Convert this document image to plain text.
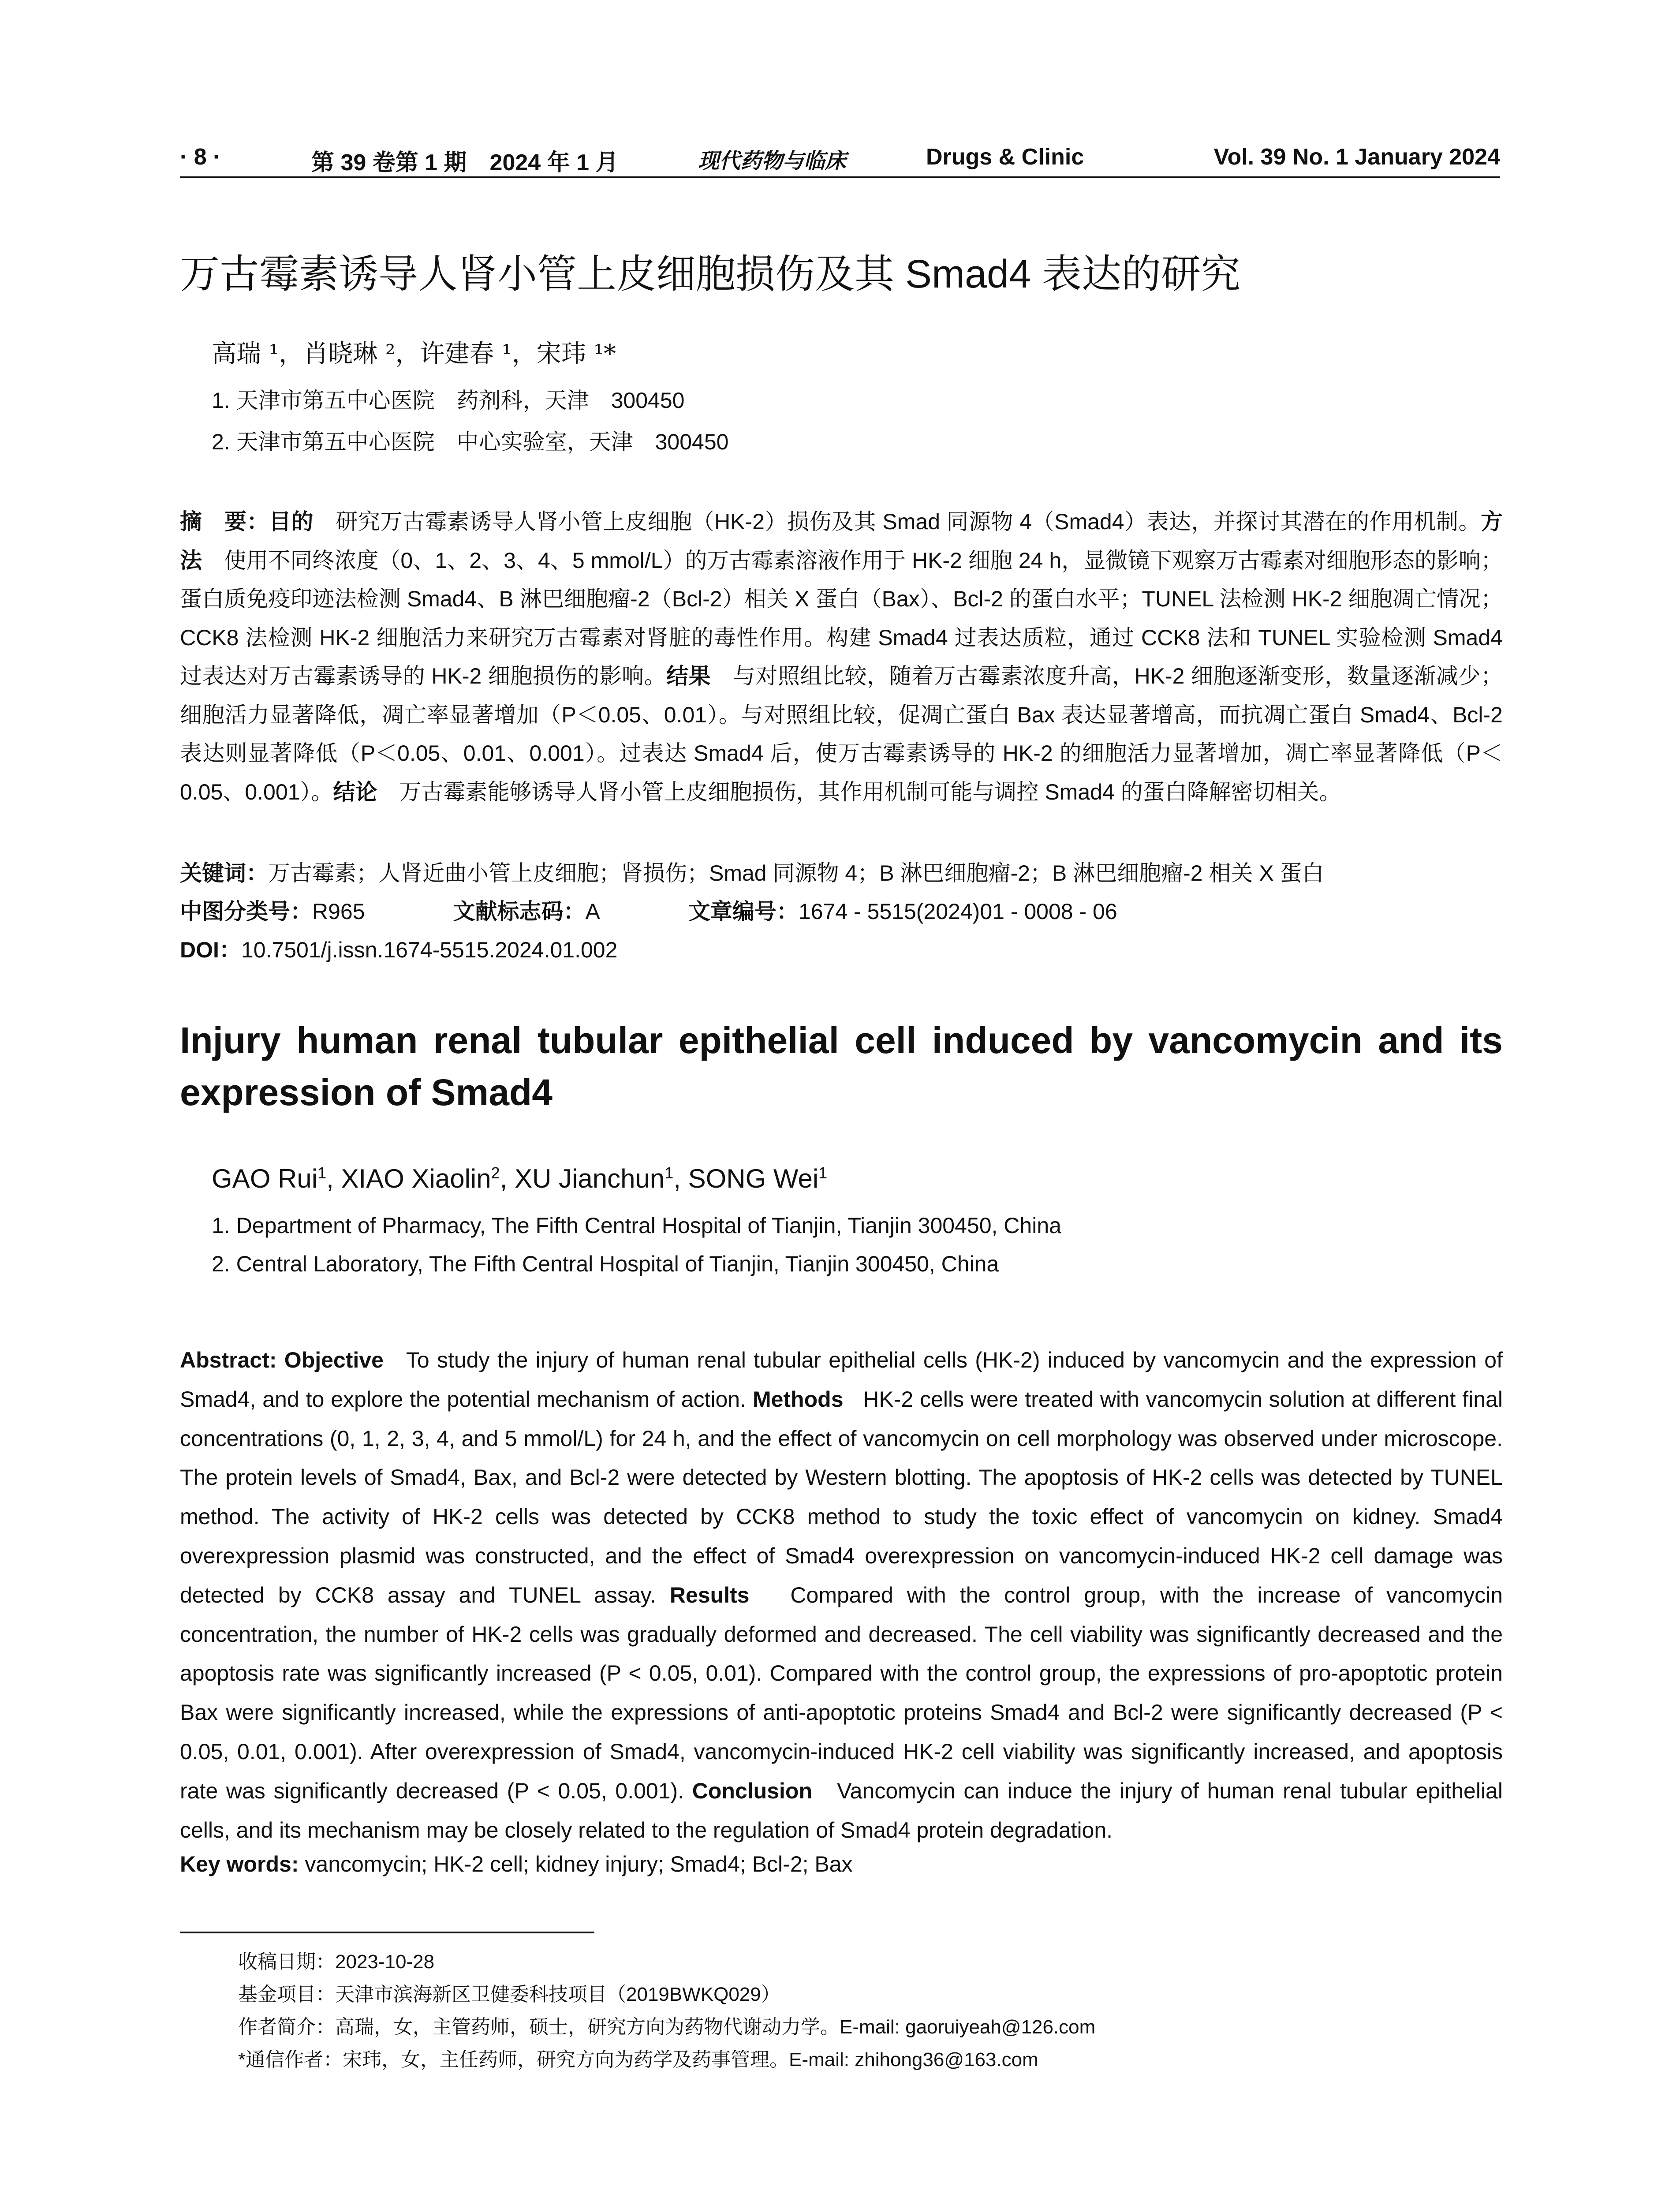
· 8 ·	第 39 卷第 1 期　2024 年 1 月	现代药物与临床	Drugs & Clinic	Vol. 39 No. 1 January 2024
万古霉素诱导人肾小管上皮细胞损伤及其 Smad4 表达的研究
高瑞 ¹，肖晓琳 ²，许建春 ¹，宋玮 ¹*
1. 天津市第五中心医院　药剂科，天津　300450
2. 天津市第五中心医院　中心实验室，天津　300450
摘　要：目的　 研究万古霉素诱导人肾小管上皮细胞（HK-2）损伤及其 Smad 同源物 4（Smad4）表达，并探讨其潜在的作用机制。方法　 使用不同终浓度（0、1、2、3、4、5 mmol/L）的万古霉素溶液作用于 HK-2 细胞 24 h，显微镜下观察万古霉素对细胞形态的影响；蛋白质免疫印迹法检测 Smad4、B 淋巴细胞瘤-2（Bcl-2）相关 X 蛋白（Bax）、Bcl-2 的蛋白水平；TUNEL 法检测 HK-2 细胞凋亡情况；CCK8 法检测 HK-2 细胞活力来研究万古霉素对肾脏的毒性作用。构建 Smad4 过表达质粒，通过 CCK8 法和 TUNEL 实验检测 Smad4 过表达对万古霉素诱导的 HK-2 细胞损伤的影响。结果　 与对照组比较，随着万古霉素浓度升高，HK-2 细胞逐渐变形，数量逐渐减少；细胞活力显著降低，凋亡率显著增加（P＜0.05、0.01）。与对照组比较，促凋亡蛋白 Bax 表达显著增高，而抗凋亡蛋白 Smad4、Bcl-2 表达则显著降低（P＜0.05、0.01、0.001）。过表达 Smad4 后，使万古霉素诱导的 HK-2 的细胞活力显著增加，凋亡率显著降低（P＜0.05、0.001）。结论　 万古霉素能够诱导人肾小管上皮细胞损伤，其作用机制可能与调控 Smad4 的蛋白降解密切相关。
关键词：万古霉素；人肾近曲小管上皮细胞；肾损伤；Smad 同源物 4；B 淋巴细胞瘤-2；B 淋巴细胞瘤-2 相关 X 蛋白
中图分类号：R965	文献标志码：A	文章编号：1674 - 5515(2024)01 - 0008 - 06
DOI：10.7501/j.issn.1674-5515.2024.01.002
Injury human renal tubular epithelial cell induced by vancomycin and its expression of Smad4
GAO Rui$^1$, XIAO Xiaolin$^2$, XU Jianchun$^1$, SONG Wei$^1$
1. Department of Pharmacy, The Fifth Central Hospital of Tianjin, Tianjin 300450, China
2. Central Laboratory, The Fifth Central Hospital of Tianjin, Tianjin 300450, China
Abstract: Objective To study the injury of human renal tubular epithelial cells (HK-2) induced by vancomycin and the expression of Smad4, and to explore the potential mechanism of action. Methods HK-2 cells were treated with vancomycin solution at different final concentrations (0, 1, 2, 3, 4, and 5 mmol/L) for 24 h, and the effect of vancomycin on cell morphology was observed under microscope. The protein levels of Smad4, Bax, and Bcl-2 were detected by Western blotting. The apoptosis of HK-2 cells was detected by TUNEL method. The activity of HK-2 cells was detected by CCK8 method to study the toxic effect of vancomycin on kidney. Smad4 overexpression plasmid was constructed, and the effect of Smad4 overexpression on vancomycin-induced HK-2 cell damage was detected by CCK8 assay and TUNEL assay. Results Compared with the control group, with the increase of vancomycin concentration, the number of HK-2 cells was gradually deformed and decreased. The cell viability was significantly decreased and the apoptosis rate was significantly increased (P < 0.05, 0.01). Compared with the control group, the expressions of pro-apoptotic protein Bax were significantly increased, while the expressions of anti-apoptotic proteins Smad4 and Bcl-2 were significantly decreased (P < 0.05, 0.01, 0.001). After overexpression of Smad4, vancomycin-induced HK-2 cell viability was significantly increased, and apoptosis rate was significantly decreased (P < 0.05, 0.001). Conclusion Vancomycin can induce the injury of human renal tubular epithelial cells, and its mechanism may be closely related to the regulation of Smad4 protein degradation.
Key words: vancomycin; HK-2 cell; kidney injury; Smad4; Bcl-2; Bax
收稿日期：2023-10-28
基金项目：天津市滨海新区卫健委科技项目（2019BWKQ029）
作者简介：高瑞，女，主管药师，硕士，研究方向为药物代谢动力学。E-mail: gaoruiyeah@126.com
*通信作者：宋玮，女，主任药师，研究方向为药学及药事管理。E-mail: zhihong36@163.com
